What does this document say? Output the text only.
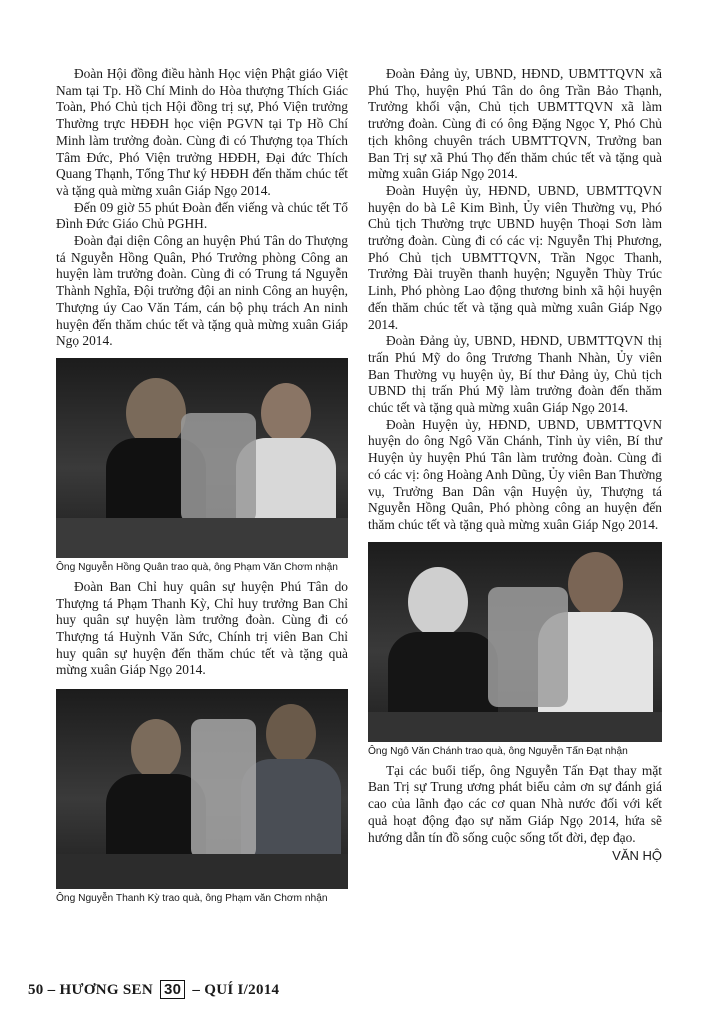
Đoàn Hội đồng điều hành Học viện Phật giáo Việt Nam tại Tp. Hồ Chí Minh do Hòa thượng Thích Giác Toàn, Phó Chủ tịch Hội đồng trị sự, Phó Viện trưởng Thường trực HĐĐH học viện PGVN tại Tp Hồ Chí Minh làm trưởng đoàn. Cùng đi có Thượng tọa Thích Tâm Đức, Phó Viện trưởng HĐĐH, Đại đức Thích Quang Thạnh, Tổng Thư ký HĐĐH đến thăm chúc tết và tặng quà mừng xuân Giáp Ngọ 2014.

Đến 09 giờ 55 phút Đoàn đến viếng và chúc tết Tổ Đình Đức Giáo Chủ PGHH.

Đoàn đại diện Công an huyện Phú Tân do Thượng tá Nguyễn Hồng Quân, Phó Trưởng phòng Công an huyện làm trưởng đoàn. Cùng đi có Trung tá Nguyễn Thành Nghĩa, Đội trưởng đội an ninh Công an huyện, Thượng úy Cao Văn Tám, cán bộ phụ trách An ninh huyện đến thăm chúc tết và tặng quà mừng xuân Giáp Ngọ 2014.

Ông Nguyễn Hồng Quân trao quà, ông Phạm Văn Chơm nhận

Đoàn Ban Chỉ huy quân sự huyện Phú Tân do Thượng tá Phạm Thanh Kỳ, Chỉ huy trưởng Ban Chỉ huy quân sự huyện làm trưởng đoàn. Cùng đi có Thượng tá Huỳnh Văn Sức, Chính trị viên Ban Chỉ huy quân sự huyện đến thăm chúc tết và tặng quà mừng xuân Giáp Ngọ 2014.

Ông Nguyễn Thanh Kỳ trao quà, ông Phạm văn Chơm nhận

Đoàn Đảng ủy, UBND, HĐND, UBMTTQVN xã Phú Thọ, huyện Phú Tân do ông Trần Bảo Thạnh, Trưởng khối vận, Chủ tịch UBMTTQVN xã làm trưởng đoàn. Cùng đi có ông Đặng Ngọc Y, Phó Chủ tịch không chuyên trách UBMTTQVN, Trưởng ban Ban Trị sự xã Phú Thọ đến thăm chúc tết và tặng quà mừng xuân Giáp Ngọ 2014.

Đoàn Huyện ủy, HĐND, UBND, UBMTTQVN huyện do bà Lê Kim Bình, Ủy viên Thường vụ, Phó Chủ tịch Thường trực UBND huyện Thoại Sơn làm trưởng đoàn. Cùng đi có các vị: Nguyễn Thị Phương, Phó Chủ tịch UBMTTQVN, Trần Ngọc Thanh, Trưởng Đài truyền thanh huyện; Nguyễn Thùy Trúc Linh, Phó phòng Lao động thương binh xã hội huyện đến thăm chúc tết và tặng quà mừng xuân Giáp Ngọ 2014.

Đoàn Đảng ủy, UBND, HĐND, UBMTTQVN thị trấn Phú Mỹ do ông Trương Thanh Nhàn, Ủy viên Ban Thường vụ huyện ủy, Bí thư Đảng ủy, Chủ tịch UBND thị trấn Phú Mỹ làm trưởng đoàn đến thăm chúc tết và tặng quà mừng xuân Giáp Ngọ 2014.

Đoàn Huyện ủy, HĐND, UBND, UBMTTQVN huyện do ông Ngô Văn Chánh, Tỉnh ủy viên, Bí thư Huyện ủy huyện Phú Tân làm trưởng đoàn. Cùng đi có các vị: ông Hoàng Anh Dũng, Ủy viên Ban Thường vụ, Trưởng Ban Dân vận Huyện ủy, Thượng tá Nguyễn Hồng Quân, Phó phòng công an huyện đến thăm chúc tết và tặng quà mừng xuân Giáp Ngọ 2014.

Ông Ngô Văn Chánh trao quà, ông Nguyễn Tấn Đạt nhận

Tại các buổi tiếp, ông Nguyễn Tấn Đạt thay mặt Ban Trị sự Trung ương phát biểu cảm ơn sự đánh giá cao của lãnh đạo các cơ quan Nhà nước đối với kết quả hoạt động đạo sự năm Giáp Ngọ 2014, hứa sẽ hướng dẫn tín đồ sống cuộc sống tốt đời, đẹp đạo.

VĂN HỘ
50 – HƯƠNG SEN 30 – QUÍ I/2014
